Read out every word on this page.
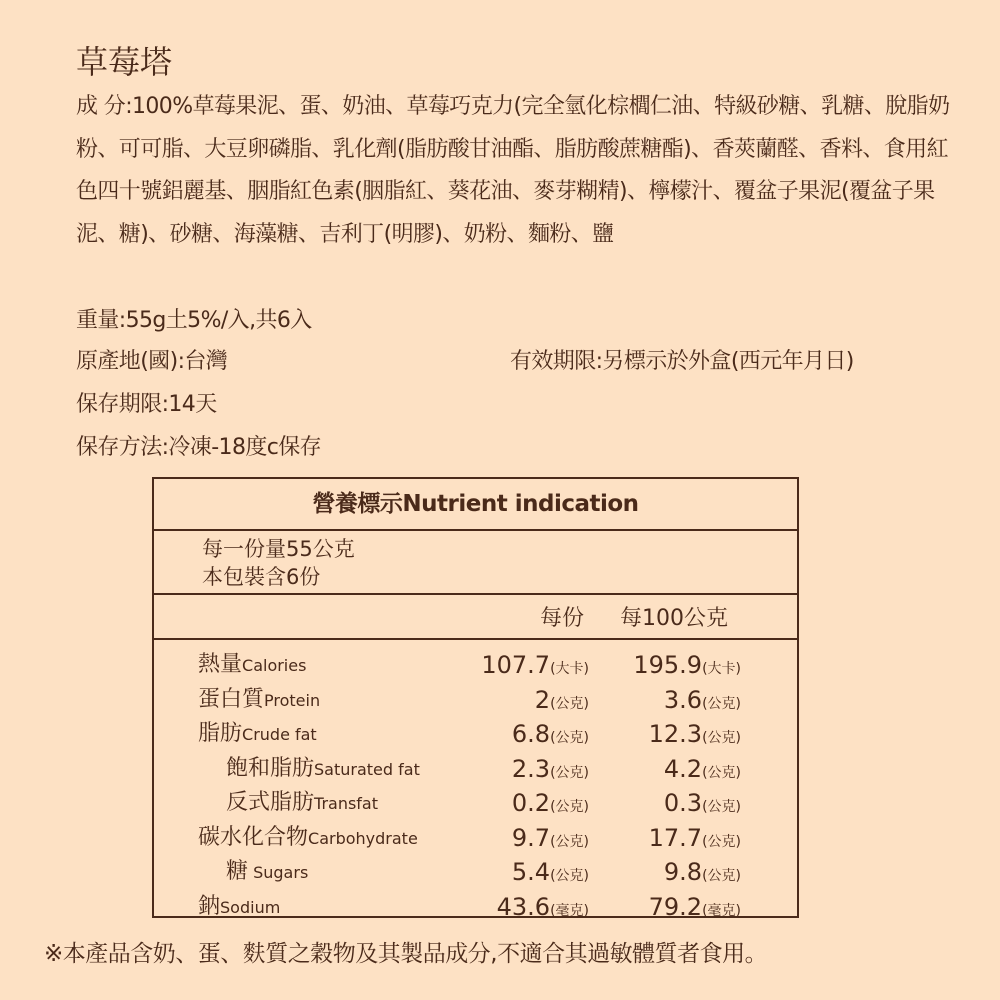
草莓塔
成 分:100%草莓果泥、蛋、奶油、草莓巧克力(完全氫化棕櫚仁油、特級砂糖、乳糖、脫脂奶粉、可可脂、大豆卵磷脂、乳化劑(脂肪酸甘油酯、脂肪酸蔗糖酯)、香莢蘭醛、香料、食用紅色四十號鋁麗基、胭脂紅色素(胭脂紅、葵花油、麥芽糊精)、檸檬汁、覆盆子果泥(覆盆子果泥、糖)、砂糖、海藻糖、吉利丁(明膠)、奶粉、麵粉、鹽
重量:55g土5%/入,共6入
原產地(國):台灣	有效期限:另標示於外盒(西元年月日)
保存期限:14天
保存方法:冷凍-18度c保存
營養標示Nutrient indication
每一份量55公克
本包裝含6份
每份 每100公克
熱量Calories	107.7(大卡) 195.9(大卡)
蛋白質Protein	2(公克)	3.6(公克)
脂肪Crude fat	6.8(公克) 12.3(公克)
飽和脂肪Saturated fat	2.3(公克)	4.2(公克)
反式脂肪Transfat	0.2(公克)	0.3(公克)
碳水化合物Carbohydrate	9.7(公克) 17.7(公克)
糖 Sugars	5.4(公克)	9.8(公克)
鈉Sodium	43.6(毫克) 79.2(毫克)
※本產品含奶、蛋、麩質之穀物及其製品成分,不適合其過敏體質者食用。
